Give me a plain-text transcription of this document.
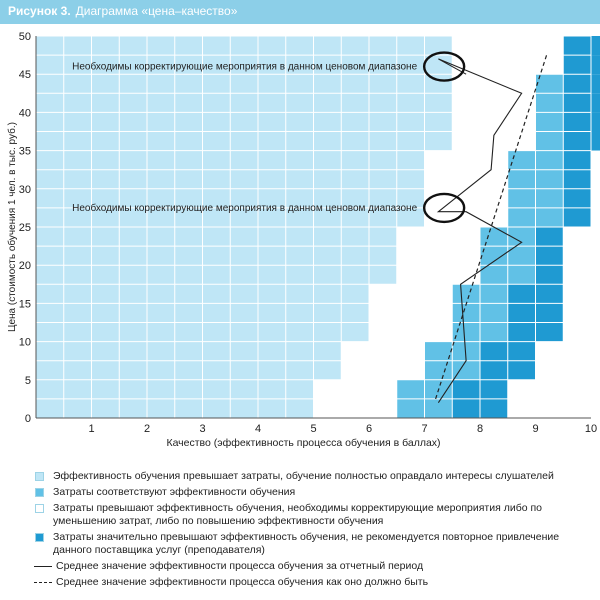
Рисунок 3. Диаграмма «цена–качество»
0
5
10
15
20
25
30
35
40
45
50
1	2	3	4	5	6	7	8	9	10
Качество (эффективность процесса обучения в баллах)
Цена (стоимость обучения 1 чел. в тыс. руб.)
Необходимы корректирующие мероприятия в данном ценовом диапазоне
Необходимы корректирующие мероприятия в данном ценовом диапазоне
Эффективность обучения превышает затраты, обучение полностью оправдало интересы слушателей
Затраты соответствуют эффективности обучения
Затраты превышают эффективность обучения, необходимы корректирующие мероприятия либо по уменьшению затрат, либо по повышению эффективности обучения
Затраты значительно превышают эффективность обучения, не рекомендуется повторное привлечение данного поставщика услуг (преподавателя)
Среднее значение эффективности процесса обучения за отчетный период
Среднее значение эффективности процесса обучения как оно должно быть
